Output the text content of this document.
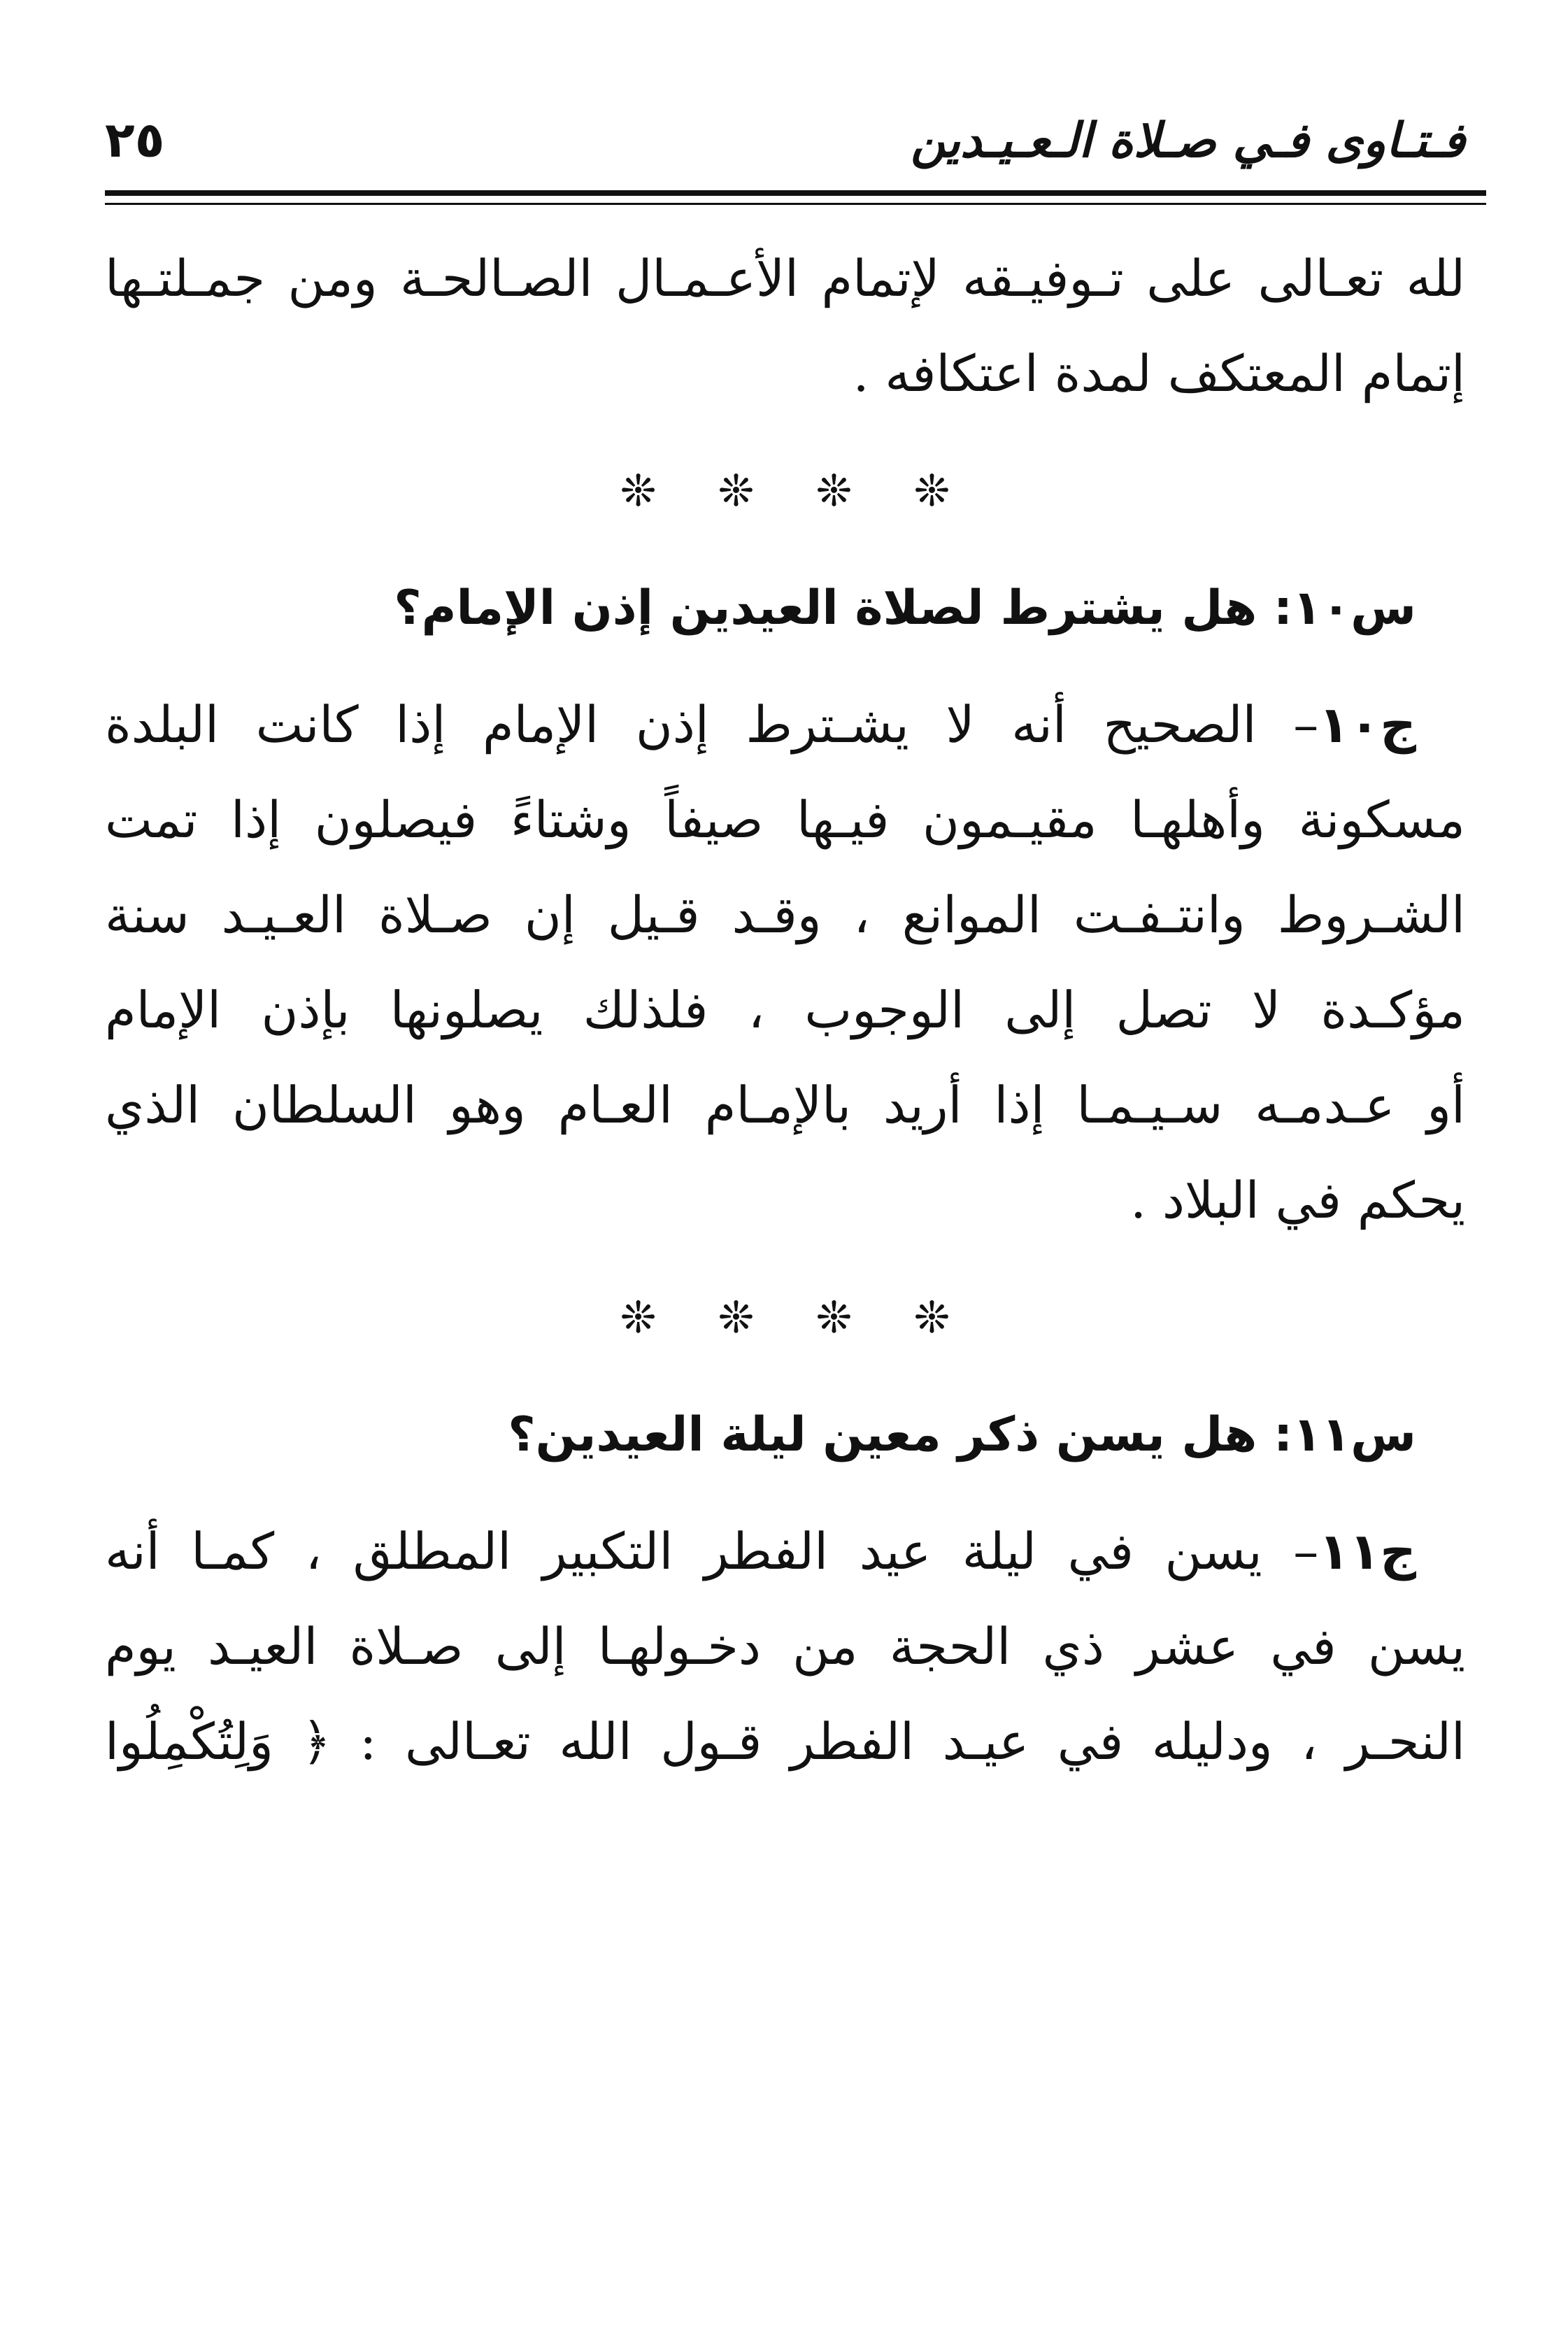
فـتـاوى فـي صـلاة الـعـيـدين
٢٥

لله تعـالى على تـوفيـقه لإتمام الأعـمـال الصـالحـة ومن جمـلتـها

إتمام المعتكف لمدة اعتكافه .

❊ ❊ ❊ ❊

س١٠: هل يشترط لصلاة العيدين إذن الإمام؟

ج١٠– الصحيح أنه لا يشـترط إذن الإمام إذا كانت البلدة

مسكونة وأهلهـا مقيـمون فيـها صيفاً وشتاءً فيصلون إذا تمت

الشـروط وانتـفـت الموانع ، وقـد قـيل إن صـلاة العـيـد سنة

مؤكـدة لا تصل إلى الوجوب ، فلذلك يصلونها بإذن الإمام

أو عـدمـه سـيـمـا إذا أريد بالإمـام العـام وهو السلطان الذي

يحكم في البلاد .

❊ ❊ ❊ ❊

س١١: هل يسن ذكر معين ليلة العيدين؟

ج١١– يسن في ليلة عيد الفطر التكبير المطلق ، كمـا أنه

يسن في عشر ذي الحجة من دخـولهـا إلى صـلاة العيـد يوم

النحـر ، ودليله في عيـد الفطر قـول الله تعـالى : ﴿ وَلِتُكْمِلُوا
